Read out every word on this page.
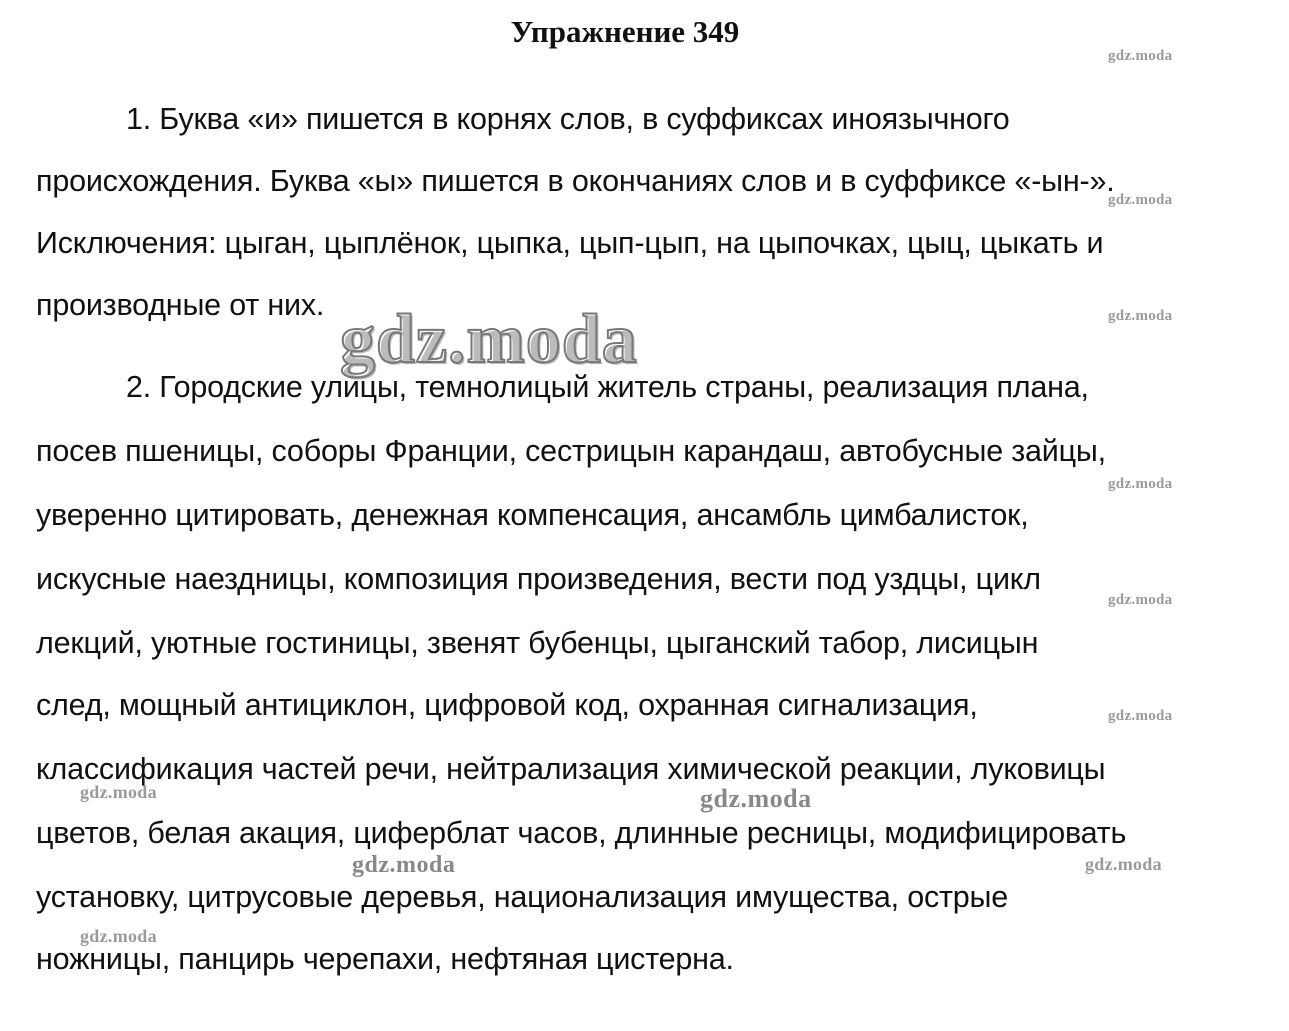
Упражнение 349
1. Буква «и» пишется в корнях слов, в суффиксах иноязычного
происхождения. Буква «ы» пишется в окончаниях слов и в суффиксе «-ын-».
Исключения: цыган, цыплёнок, цыпка, цып-цып, на цыпочках, цыц, цыкать и
производные от них.
2. Городские улицы, темнолицый житель страны, реализация плана,
посев пшеницы, соборы Франции, сестрицын карандаш, автобусные зайцы,
уверенно цитировать, денежная компенсация, ансамбль цимбалисток,
искусные наездницы, композиция произведения, вести под уздцы, цикл
лекций, уютные гостиницы, звенят бубенцы, цыганский табор, лисицын
след, мощный антициклон, цифровой код, охранная сигнализация,
классификация частей речи, нейтрализация химической реакции, луковицы
цветов, белая акация, циферблат часов, длинные ресницы, модифицировать
установку, цитрусовые деревья, национализация имущества, острые
ножницы, панцирь черепахи, нефтяная цистерна.
gdz.moda
gdz.moda
gdz.moda
gdz.moda
gdz.moda
gdz.moda
gdz.moda
gdz.moda
gdz.moda
gdz.moda
gdz.moda
gdz.moda
